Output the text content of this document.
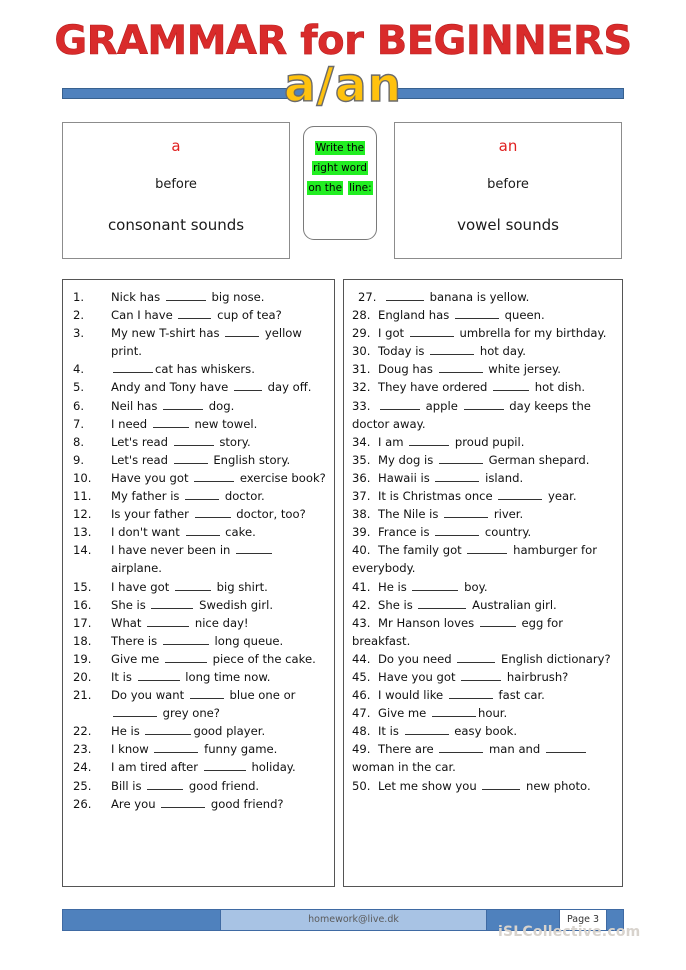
GRAMMAR for BEGINNERS
a/an
a
before
consonant sounds
Write the right word on the line:
an
before
vowel sounds
1. Nick has	big nose.
2. Can I have	cup of tea?
3. My new T-shirt has	yellow print.
4.	cat has whiskers.
5. Andy and Tony have	day off.
6. Neil has	dog.
7. I need	new towel.
8. Let's read	story.
9. Let's read	English story.
10. Have you got	exercise book?
11. My father is	doctor.
12. Is your father	doctor, too?
13. I don't want	cake.
14. I have never been in  airplane.
15. I have got	big shirt.
16. She is	Swedish girl.
17. What	nice day!
18. There is	long queue.
19. Give me	piece of the cake.
20. It is	long time now.
21. Do you want	blue one or  grey one?
22. He is	good player.
23. I know	funny game.
24. I am tired after	holiday.
25. Bill is	good friend.
26. Are you	good friend?
27.	banana is yellow.
28. England has	queen.
29. I got	umbrella for my birthday.
30. Today is	hot day.
31. Doug has	white jersey.
32. They have ordered	hot dish.
33.	apple	day keeps the doctor away.
34. I am	proud pupil.
35. My dog is	German shepard.
36. Hawaii is	island.
37. It is Christmas once	year.
38. The Nile is	river.
39. France is	country.
40. The family got	hamburger for everybody.
41. He is	boy.
42. She is	Australian girl.
43. Mr Hanson loves	egg for breakfast.
44. Do you need	English dictionary?
45. Have you got	hairbrush?
46. I would like	fast car.
47. Give me	hour.
48. It is	easy book.
49. There are	man and  woman in the car.
50. Let me show you	new photo.
homework@live.dk	Page 3
iSLCollective.com
